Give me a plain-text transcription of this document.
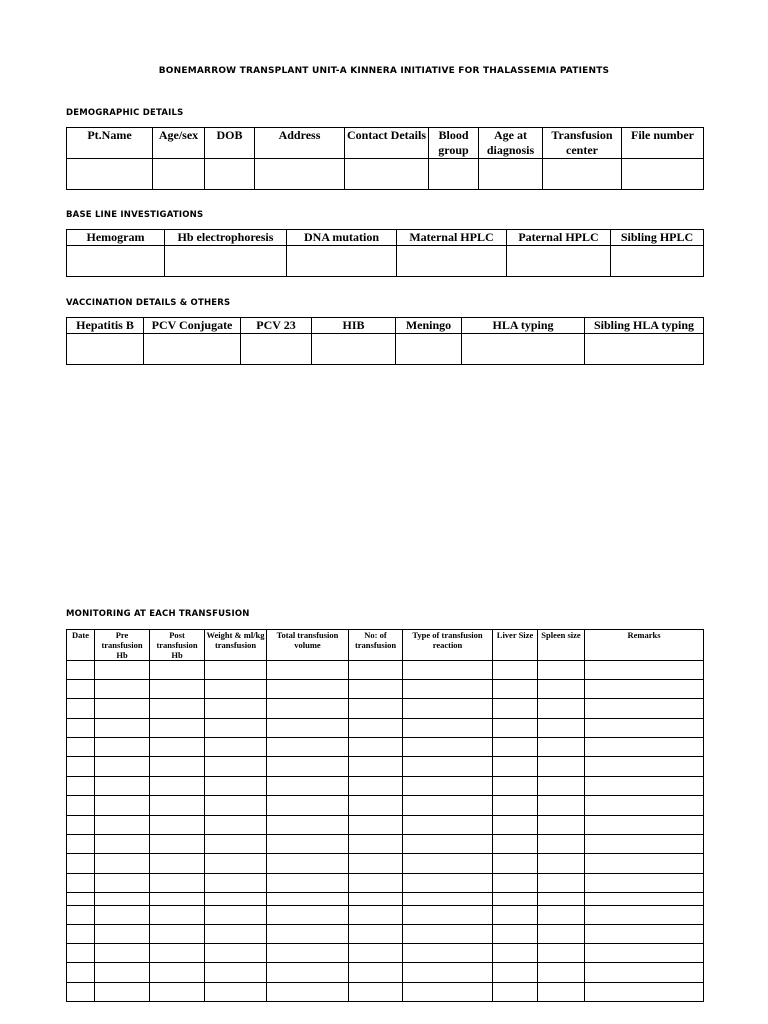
BONEMARROW TRANSPLANT UNIT-A KINNERA INITIATIVE FOR THALASSEMIA PATIENTS
DEMOGRAPHIC DETAILS
Pt.Name	Age/sex	DOB	Address	Contact Details	Blood group	Age at diagnosis	Transfusion center	File number

BASE LINE INVESTIGATIONS
Hemogram	Hb electrophoresis	DNA mutation	Maternal HPLC	Paternal HPLC	Sibling HPLC

VACCINATION DETAILS & OTHERS
Hepatitis B	PCV Conjugate	PCV 23	HIB	Meningo	HLA typing	Sibling HLA typing

MONITORING AT EACH TRANSFUSION
Date	Pre transfusion Hb	Post transfusion Hb	Weight & ml/kg transfusion	Total transfusion volume	No: of transfusion	Type of transfusion reaction	Liver Size	Spleen size	Remarks
